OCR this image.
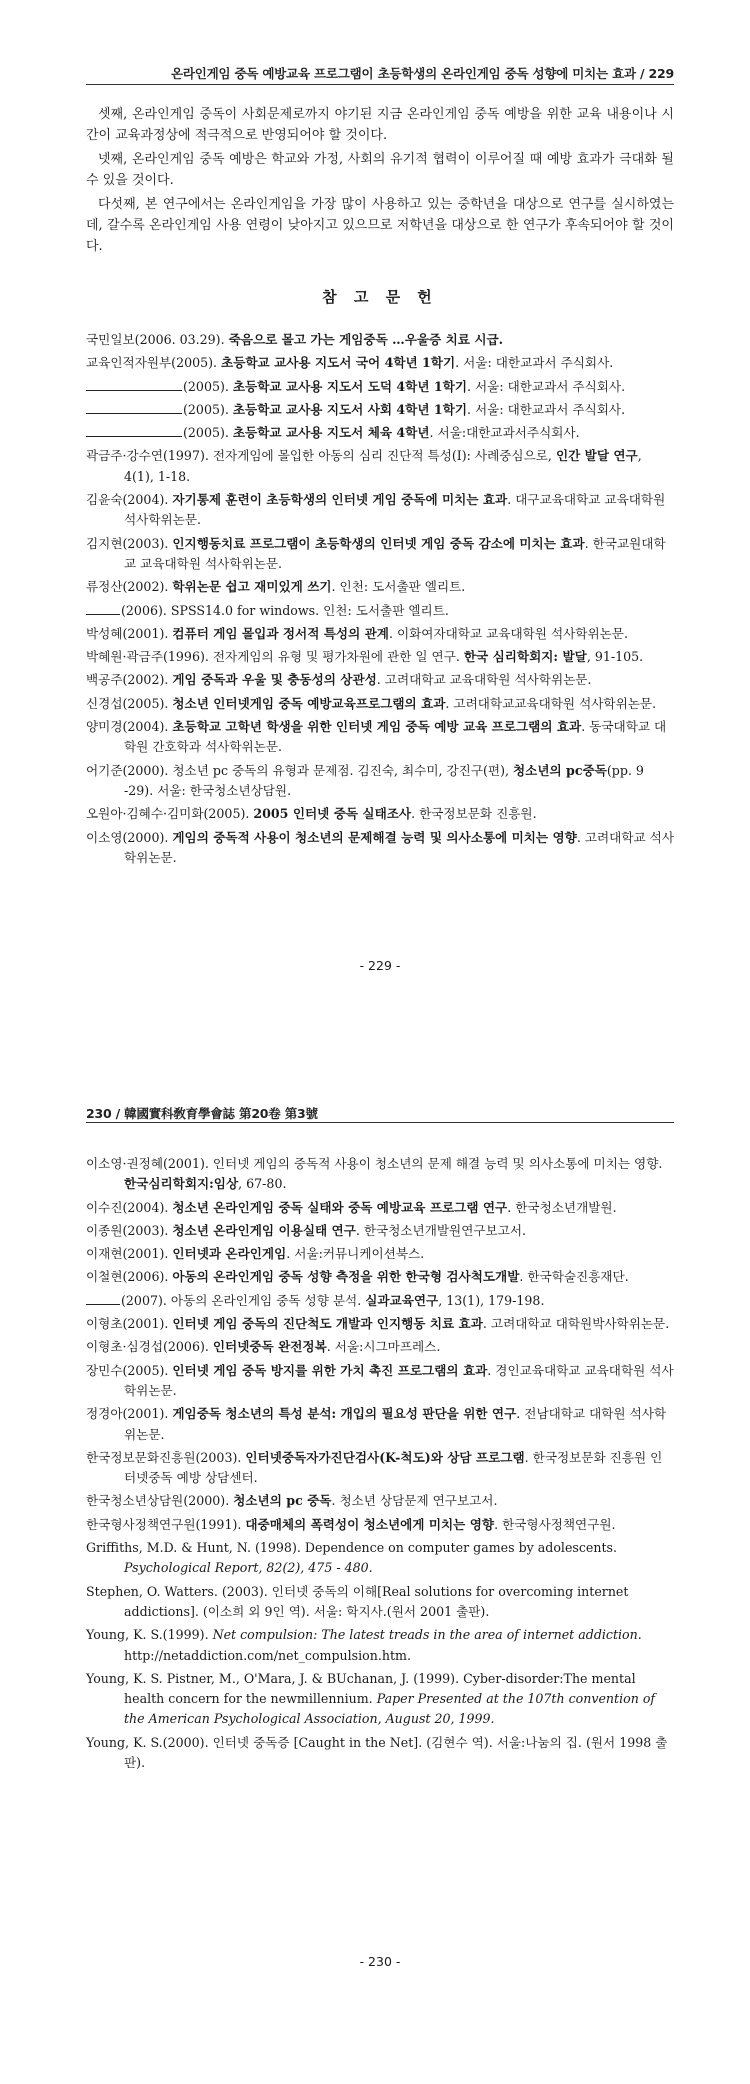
온라인게임 중독 예방교육 프로그램이 초등학생의 온라인게임 중독 성향에 미치는 효과 / 229

셋째, 온라인게임 중독이 사회문제로까지 야기된 지금 온라인게임 중독 예방을 위한 교육 내용이나 시간이 교육과정상에 적극적으로 반영되어야 할 것이다.

넷째, 온라인게임 중독 예방은 학교와 가정, 사회의 유기적 협력이 이루어질 때 예방 효과가 극대화 될 수 있을 것이다.

다섯째, 본 연구에서는 온라인게임을 가장 많이 사용하고 있는 중학년을 대상으로 연구를 실시하였는데, 갈수록 온라인게임 사용 연령이 낮아지고 있으므로 저학년을 대상으로 한 연구가 후속되어야 할 것이다.

참 고 문 헌
국민일보(2006. 03.29). 죽음으로 몰고 가는 게임중독 …우울증 치료 시급.
교육인적자원부(2005). 초등학교 교사용 지도서 국어 4학년 1학기. 서울: 대한교과서 주식회사.
(2005). 초등학교 교사용 지도서 도덕 4학년 1학기. 서울: 대한교과서 주식회사.
(2005). 초등학교 교사용 지도서 사회 4학년 1학기. 서울: 대한교과서 주식회사.
(2005). 초등학교 교사용 지도서 체육 4학년. 서울:대한교과서주식회사.
곽금주·강수연(1997). 전자게임에 몰입한 아동의 심리 진단적 특성(Ⅰ): 사례중심으로, 인간 발달 연구, 4(1), 1-18.
김윤숙(2004). 자기통제 훈련이 초등학생의 인터넷 게임 중독에 미치는 효과. 대구교육대학교 교육대학원 석사학위논문.
김지현(2003). 인지행동치료 프로그램이 초등학생의 인터넷 게임 중독 감소에 미치는 효과. 한국교원대학교 교육대학원 석사학위논문.
류정산(2002). 학위논문 쉽고 재미있게 쓰기. 인천: 도서출판 엘리트.
(2006). SPSS14.0 for windows. 인천: 도서출판 엘리트.
박성혜(2001). 컴퓨터 게임 몰입과 정서적 특성의 관계. 이화여자대학교 교육대학원 석사학위논문.
박혜원·곽금주(1996). 전자게임의 유형 및 평가차원에 관한 일 연구. 한국 심리학회지: 발달, 91-105.
백공주(2002). 게임 중독과 우울 및 충동성의 상관성. 고려대학교 교육대학원 석사학위논문.
신경섭(2005). 청소년 인터넷게임 중독 예방교육프로그램의 효과. 고려대학교교육대학원 석사학위논문.
양미경(2004). 초등학교 고학년 학생을 위한 인터넷 게임 중독 예방 교육 프로그램의 효과. 동국대학교 대학원 간호학과 석사학위논문.
어기준(2000). 청소년 pc 중독의 유형과 문제점. 김진숙, 최수미, 강진구(편), 청소년의 pc중독(pp. 9 -29). 서울: 한국청소년상담원.
오원아·김혜수·김미화(2005). 2005 인터넷 중독 실태조사. 한국정보문화 진흥원.
이소영(2000). 게임의 중독적 사용이 청소년의 문제해결 능력 및 의사소통에 미치는 영향. 고려대학교 석사학위논문.
- 229 -
230 / 韓國實科敎育學會誌 第20卷 第3號
이소영·권정혜(2001). 인터넷 게임의 중독적 사용이 청소년의 문제 해결 능력 및 의사소통에 미치는 영향. 한국심리학회지:임상, 67-80.
이수진(2004). 청소년 온라인게임 중독 실태와 중독 예방교육 프로그램 연구. 한국청소년개발원.
이종원(2003). 청소년 온라인게임 이용실태 연구. 한국청소년개발원연구보고서.
이재현(2001). 인터넷과 온라인게임. 서울:커뮤니케이션북스.
이철현(2006). 아동의 온라인게임 중독 성향 측정을 위한 한국형 검사척도개발. 한국학술진흥재단.
(2007). 아동의 온라인게임 중독 성향 분석. 실과교육연구, 13(1), 179-198.
이형초(2001). 인터넷 게임 중독의 진단척도 개발과 인지행동 치료 효과. 고려대학교 대학원박사학위논문.
이형초·심경섭(2006). 인터넷중독 완전정복. 서울:시그마프레스.
장민수(2005). 인터넷 게임 중독 방지를 위한 가치 촉진 프로그램의 효과. 경인교육대학교 교육대학원 석사학위논문.
정경아(2001). 게임중독 청소년의 특성 분석: 개입의 필요성 판단을 위한 연구. 전남대학교 대학원 석사학위논문.
한국정보문화진흥원(2003). 인터넷중독자가진단검사(K-척도)와 상담 프로그램. 한국정보문화 진흥원 인터넷중독 예방 상담센터.
한국청소년상담원(2000). 청소년의 pc 중독. 청소년 상담문제 연구보고서.
한국형사정책연구원(1991). 대중매체의 폭력성이 청소년에게 미치는 영향. 한국형사정책연구원.
Griffiths, M.D. & Hunt, N. (1998). Dependence on computer games by adolescents. Psychological Report, 82(2), 475 - 480.
Stephen, O. Watters. (2003). 인터넷 중독의 이해[Real solutions for overcoming internet addictions]. (이소희 외 9인 역). 서울: 학지사.(원서 2001 출판).
Young, K. S.(1999). Net compulsion: The latest treads in the area of internet addiction. http://netaddiction.com/net_compulsion.htm.
Young, K. S. Pistner, M., O'Mara, J. & BUchanan, J. (1999). Cyber-disorder:The mental health concern for the newmillennium. Paper Presented at the 107th convention of the American Psychological Association, August 20, 1999.
Young, K. S.(2000). 인터넷 중독증 [Caught in the Net]. (김현수 역). 서울:나눔의 집. (원서 1998 출판).
- 230 -
